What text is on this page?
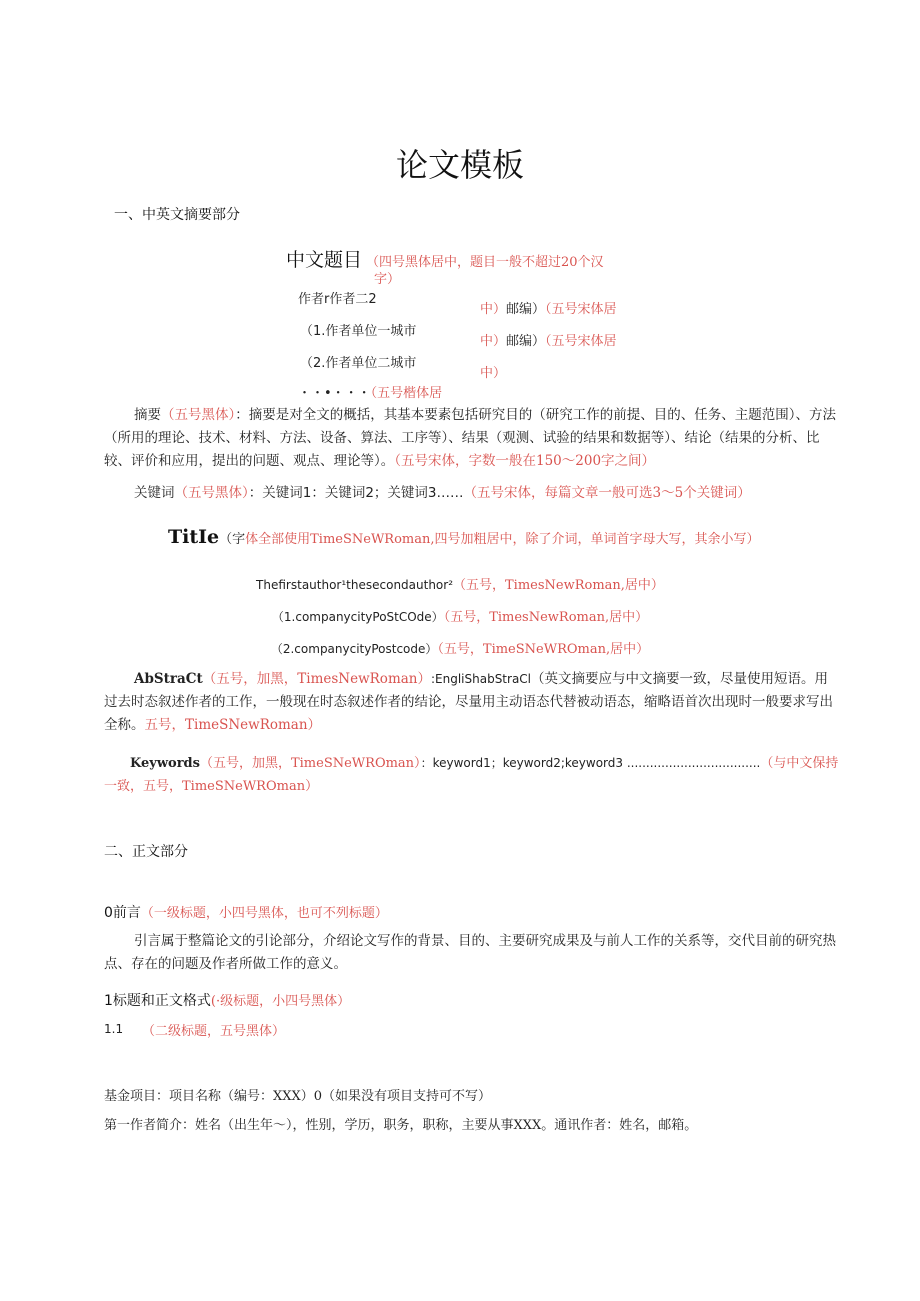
论文模板
一、中英文摘要部分
中文题目 （四号黑体居中，题目一般不超过20个汉
字）
作者r作者二2
（1.作者单位一城市
（2.作者单位二城市
・・•・・・（五号楷体居
中）邮编）（五号宋体居
中）邮编）（五号宋体居
中）
摘要（五号黑体）：摘要是对全文的概括，其基本要素包括研究目的（研究工作的前提、目的、任务、主题范围）、方法（所用的理论、技术、材料、方法、设备、算法、工序等）、结果（观测、试验的结果和数据等）、结论（结果的分析、比较、评价和应用，提出的问题、观点、理论等）。（五号宋体，字数一般在150～200字之间）
关键词（五号黑体）：关键词1：关键词2；关键词3……（五号宋体，每篇文章一般可选3～5个关键词）
TitIe（字体全部使用TimeSNeWRoman,四号加粗居中，除了介词，单词首字母大写，其余小写）
Thefirstauthor¹thesecondauthor²（五号，TimesNewRoman,居中）
（1.companycityPoStCOde）（五号，TimesNewRoman,居中）
（2.companycityPostcode）（五号，TimeSNeWROman,居中）
AbStraCt（五号，加黑，TimesNewRoman）:EngliShabStraCl（英文摘要应与中文摘要一致，尽量使用短语。用过去时态叙述作者的工作，一般现在时态叙述作者的结论，尽量用主动语态代替被动语态，缩略语首次出现时一般要求写出全称。五号，TimeSNewRoman）
Keywords（五号，加黑，TimeSNeWROman）：keyword1；keyword2;keyword3 ...................................（与中文保持
一致，五号，TimeSNeWROman）
二、正文部分
0前言（一级标题，小四号黑体，也可不列标题）
引言属于整篇论文的引论部分，介绍论文写作的背景、目的、主要研究成果及与前人工作的关系等，交代目前的研究热点、存在的问题及作者所做工作的意义。
1标题和正文格式(·级标题，小四号黑体）
1.1 （二级标题，五号黑体）
基金项目：项目名称（编号：XXX）0（如果没有项目支持可不写）
第一作者简介：姓名（出生年～），性别，学历，职务，职称，主要从事XXX。通讯作者：姓名，邮箱。
